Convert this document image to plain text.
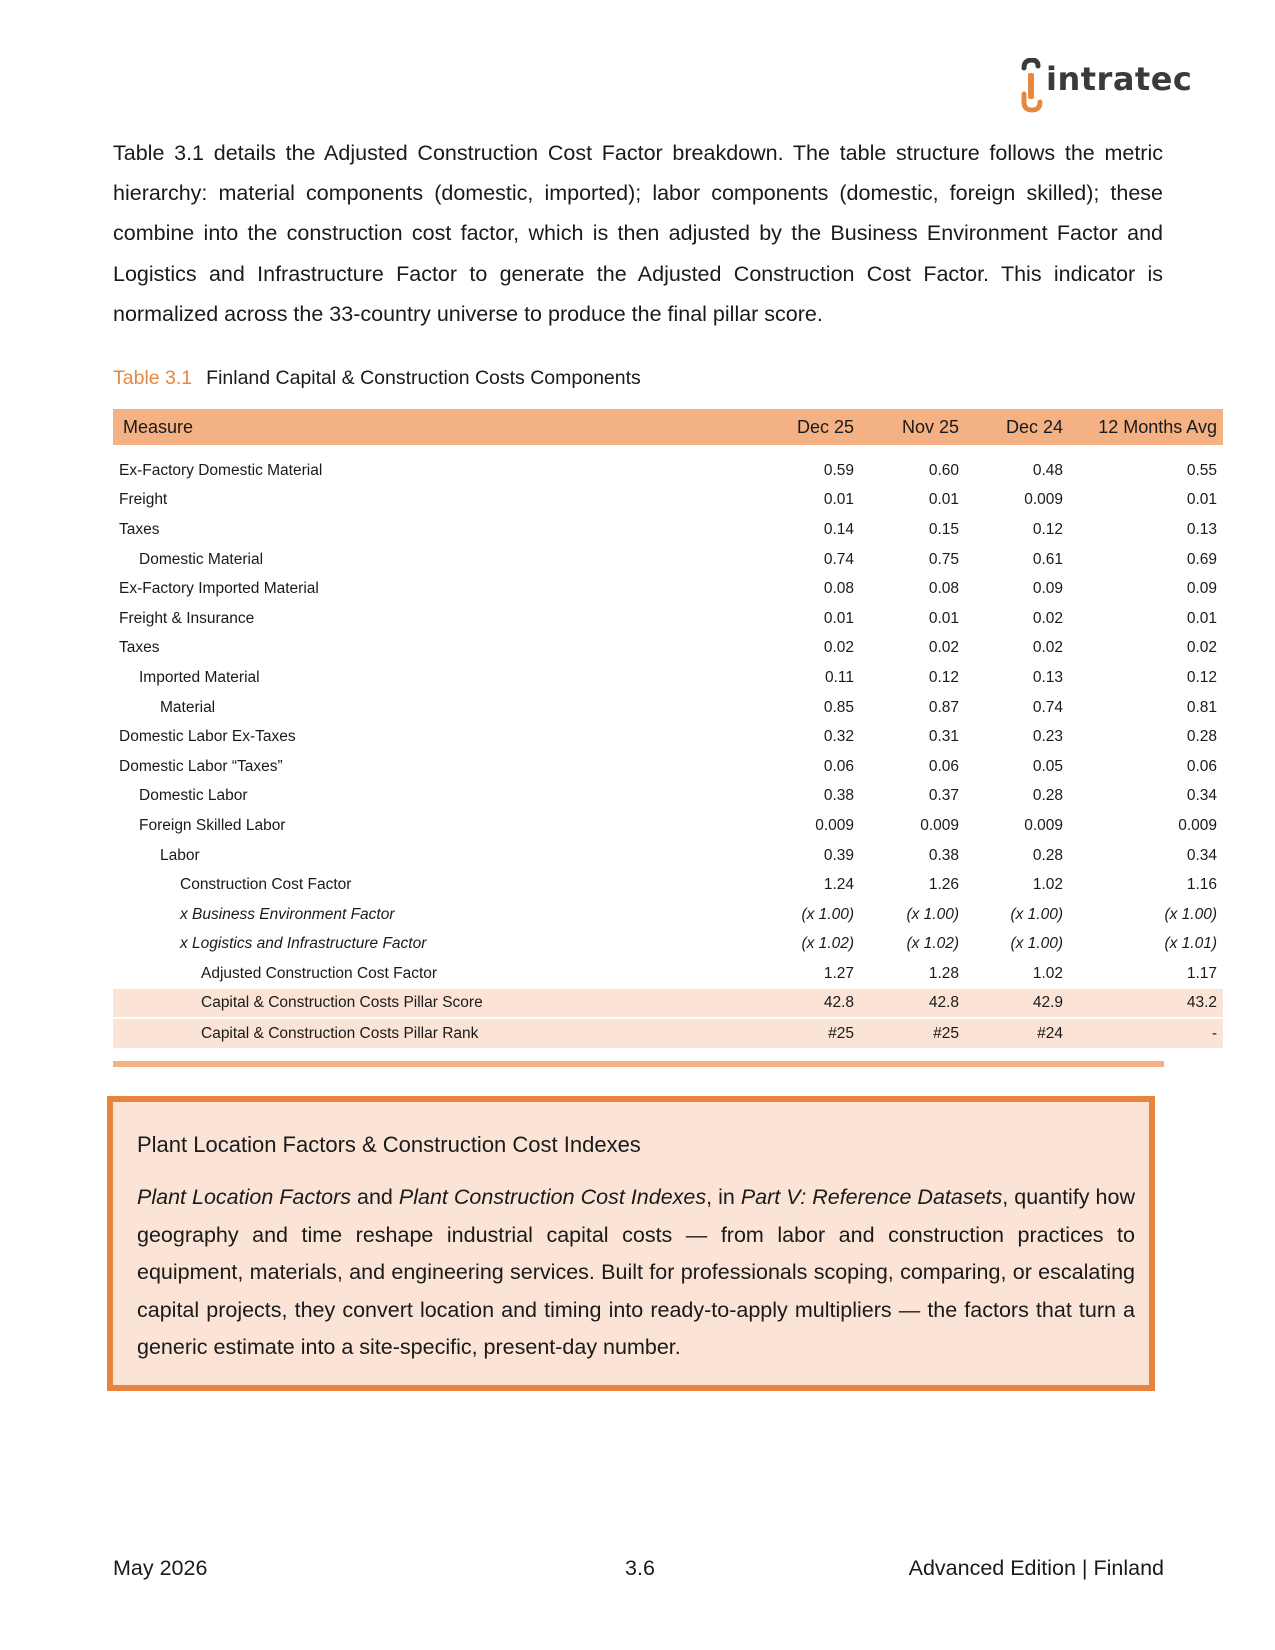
intratec

Table 3.1 details the Adjusted Construction Cost Factor breakdown. The table structure follows the metric hierarchy: material components (domestic, imported); labor components (domestic, foreign skilled); these combine into the construction cost factor, which is then adjusted by the Business Environment Factor and Logistics and Infrastructure Factor to generate the Adjusted Construction Cost Factor. This indicator is normalized across the 33-country universe to produce the final pillar score.

Table 3.1 Finland Capital & Construction Costs Components
Measure	Dec 25	Nov 25	Dec 24	12 Months Avg

Ex-Factory Domestic Material	0.59	0.60	0.48	0.55
Freight	0.01	0.01	0.009	0.01
Taxes	0.14	0.15	0.12	0.13
Domestic Material	0.74	0.75	0.61	0.69
Ex-Factory Imported Material	0.08	0.08	0.09	0.09
Freight & Insurance	0.01	0.01	0.02	0.01
Taxes	0.02	0.02	0.02	0.02
Imported Material	0.11	0.12	0.13	0.12
Material	0.85	0.87	0.74	0.81
Domestic Labor Ex-Taxes	0.32	0.31	0.23	0.28
Domestic Labor “Taxes”	0.06	0.06	0.05	0.06
Domestic Labor	0.38	0.37	0.28	0.34
Foreign Skilled Labor	0.009	0.009	0.009	0.009
Labor	0.39	0.38	0.28	0.34
Construction Cost Factor	1.24	1.26	1.02	1.16
x Business Environment Factor	(x 1.00)	(x 1.00)	(x 1.00)	(x 1.00)
x Logistics and Infrastructure Factor	(x 1.02)	(x 1.02)	(x 1.00)	(x 1.01)
Adjusted Construction Cost Factor	1.27	1.28	1.02	1.17
Capital & Construction Costs Pillar Score	42.8	42.8	42.9	43.2
Capital & Construction Costs Pillar Rank	#25	#25	#24	-
Plant Location Factors & Construction Cost Indexes

Plant Location Factors and Plant Construction Cost Indexes, in Part V: Reference Datasets, quantify how geography and time reshape industrial capital costs — from labor and construction practices to equipment, materials, and engineering services. Built for professionals scoping, comparing, or escalating capital projects, they convert location and timing into ready-to-apply multipliers — the factors that turn a generic estimate into a site-specific, present-day number.

May 2026	3.6	Advanced Edition | Finland
